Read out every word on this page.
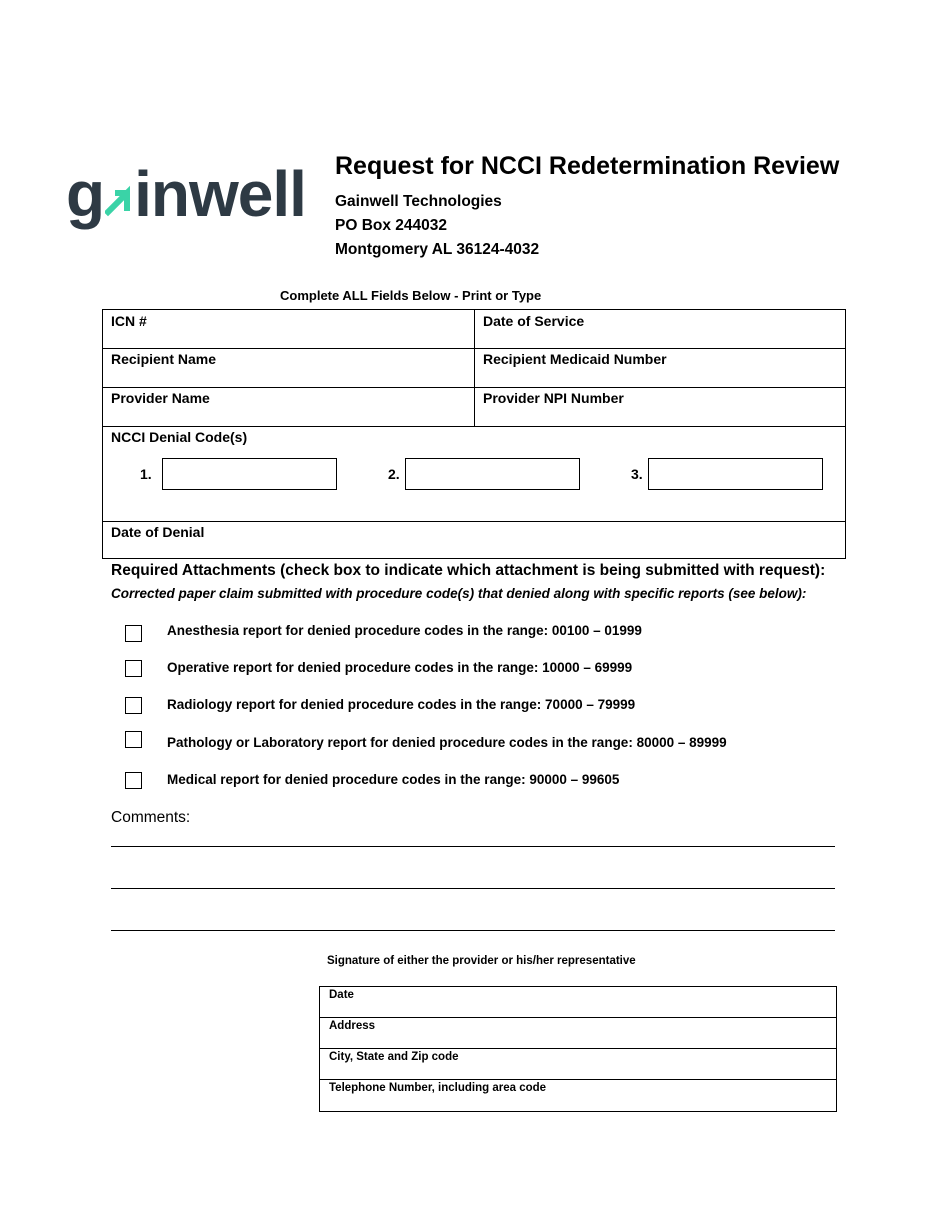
g inwell Request for NCCI Redetermination Review
Gainwell Technologies
PO Box 244032
Montgomery AL 36124-4032
Complete ALL Fields Below - Print or Type
ICN #	Date of Service
Recipient Name	Recipient Medicaid Number
Provider Name	Provider NPI Number
NCCI Denial Code(s)
1.	2.	3.
Date of Denial
Required Attachments (check box to indicate which attachment is being submitted with request):
Corrected paper claim submitted with procedure code(s) that denied along with specific reports (see below):
Anesthesia report for denied procedure codes in the range: 00100 – 01999
Operative report for denied procedure codes in the range: 10000 – 69999
Radiology report for denied procedure codes in the range: 70000 – 79999
Pathology or Laboratory report for denied procedure codes in the range: 80000 – 89999
Medical report for denied procedure codes in the range: 90000 – 99605
Comments:
Signature of either the provider or his/her representative
Date
Address
City, State and Zip code
Telephone Number, including area code
